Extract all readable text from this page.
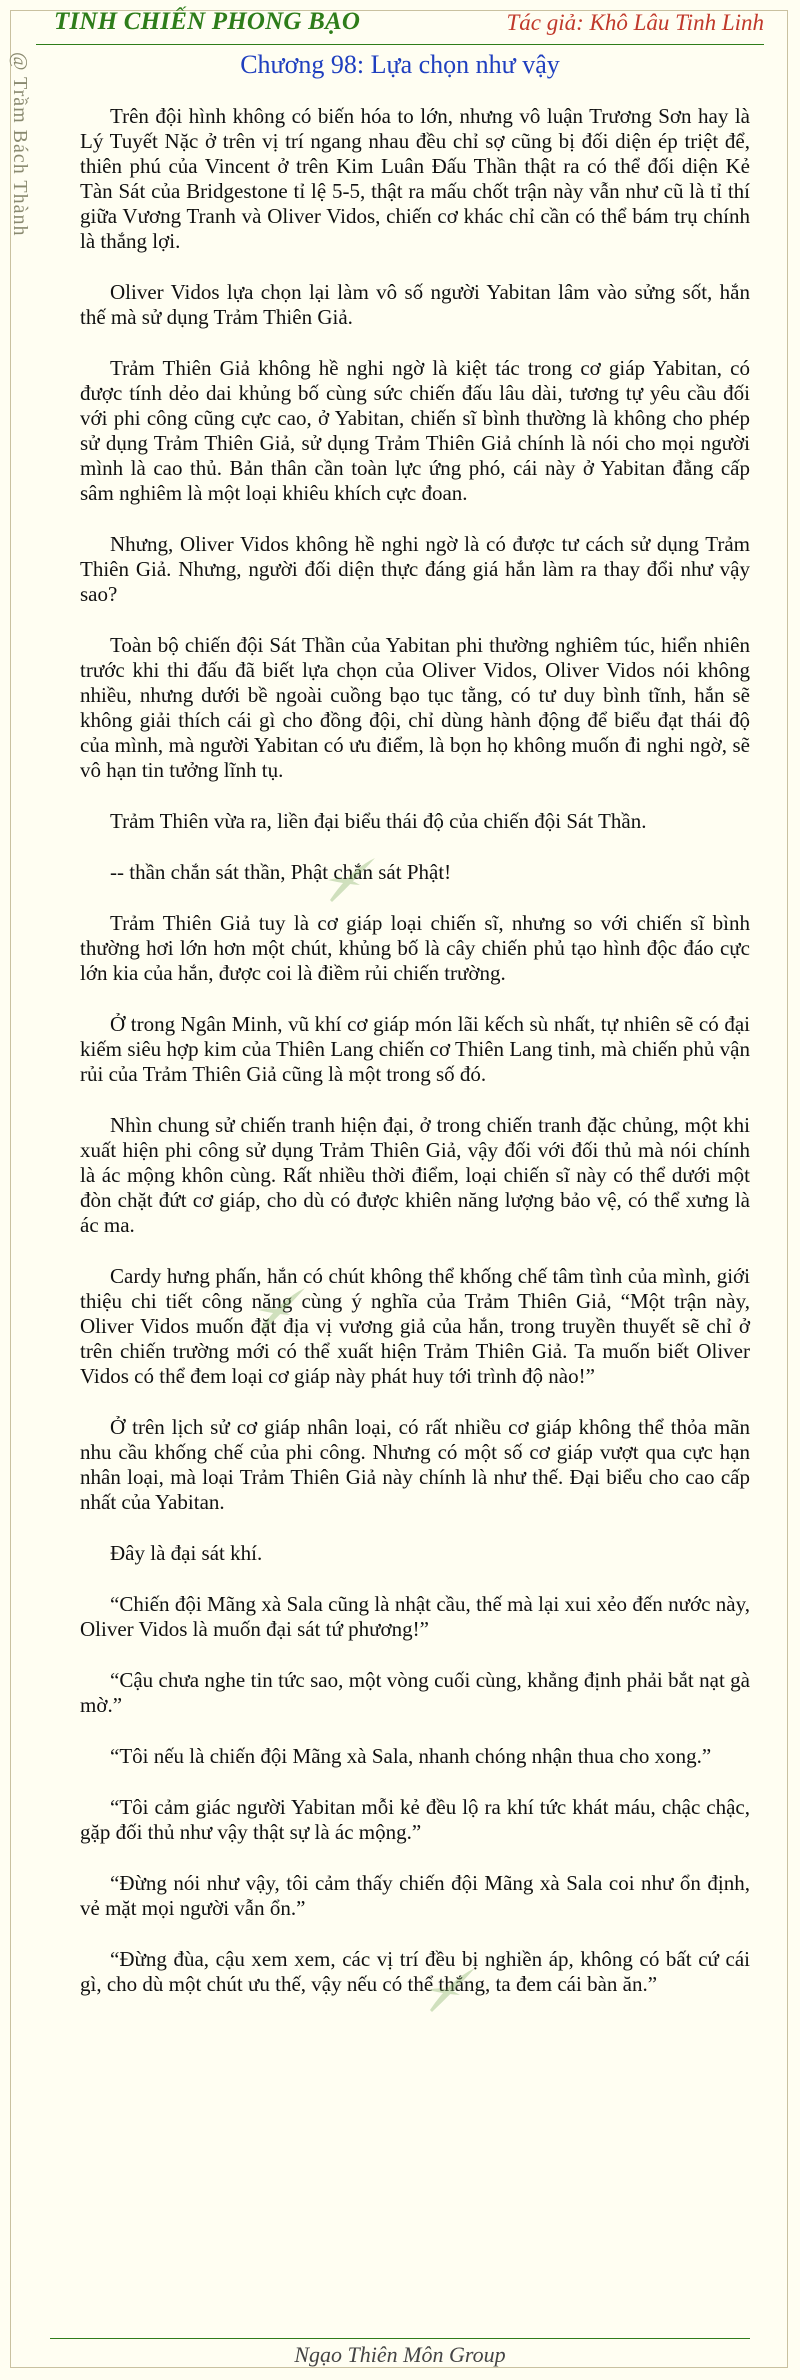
TINH CHIẾN PHONG BẠO	Tác giả: Khô Lâu Tinh Linh
@ Trầm Bách Thành	Chương 98: Lựa chọn như vậy

Trên đội hình không có biến hóa to lớn, nhưng vô luận Trương Sơn hay là Lý Tuyết Nặc ở trên vị trí ngang nhau đều chỉ sợ cũng bị đối diện ép triệt để, thiên phú của Vincent ở trên Kim Luân Đấu Thần thật ra có thể đối diện Kẻ Tàn Sát của Bridgestone tỉ lệ 5-5, thật ra mấu chốt trận này vẫn như cũ là tỉ thí giữa Vương Tranh và Oliver Vidos, chiến cơ khác chỉ cần có thể bám trụ chính là thắng lợi.

Oliver Vidos lựa chọn lại làm vô số người Yabitan lâm vào sửng sốt, hắn thế mà sử dụng Trảm Thiên Giả.

Trảm Thiên Giả không hề nghi ngờ là kiệt tác trong cơ giáp Yabitan, có được tính dẻo dai khủng bố cùng sức chiến đấu lâu dài, tương tự yêu cầu đối với phi công cũng cực cao, ở Yabitan, chiến sĩ bình thường là không cho phép sử dụng Trảm Thiên Giả, sử dụng Trảm Thiên Giả chính là nói cho mọi người mình là cao thủ. Bản thân cần toàn lực ứng phó, cái này ở Yabitan đẳng cấp sâm nghiêm là một loại khiêu khích cực đoan.

Nhưng, Oliver Vidos không hề nghi ngờ là có được tư cách sử dụng Trảm Thiên Giả. Nhưng, người đối diện thực đáng giá hắn làm ra thay đổi như vậy sao?

Toàn bộ chiến đội Sát Thần của Yabitan phi thường nghiêm túc, hiển nhiên trước khi thi đấu đã biết lựa chọn của Oliver Vidos, Oliver Vidos nói không nhiều, nhưng dưới bề ngoài cuồng bạo tục tằng, có tư duy bình tĩnh, hắn sẽ không giải thích cái gì cho đồng đội, chỉ dùng hành động để biểu đạt thái độ của mình, mà người Yabitan có ưu điểm, là bọn họ không muốn đi nghi ngờ, sẽ vô hạn tin tưởng lĩnh tụ.

Trảm Thiên vừa ra, liền đại biểu thái độ của chiến đội Sát Thần.

-- thần chắn sát thần, Phật chắn sát Phật!

Trảm Thiên Giả tuy là cơ giáp loại chiến sĩ, nhưng so với chiến sĩ bình thường hơi lớn hơn một chút, khủng bố là cây chiến phủ tạo hình độc đáo cực lớn kia của hắn, được coi là điềm rủi chiến trường.

Ở trong Ngân Minh, vũ khí cơ giáp món lãi kếch sù nhất, tự nhiên sẽ có đại kiếm siêu hợp kim của Thiên Lang chiến cơ Thiên Lang tinh, mà chiến phủ vận rủi của Trảm Thiên Giả cũng là một trong số đó.

Nhìn chung sử chiến tranh hiện đại, ở trong chiến tranh đặc chủng, một khi xuất hiện phi công sử dụng Trảm Thiên Giả, vậy đối với đối thủ mà nói chính là ác mộng khôn cùng. Rất nhiều thời điểm, loại chiến sĩ này có thể dưới một đòn chặt đứt cơ giáp, cho dù có được khiên năng lượng bảo vệ, có thể xưng là ác ma.

Cardy hưng phấn, hắn có chút không thể khống chế tâm tình của mình, giới thiệu chi tiết công năng cùng ý nghĩa của Trảm Thiên Giả, “Một trận này, Oliver Vidos muốn đặt địa vị vương giả của hắn, trong truyền thuyết sẽ chỉ ở trên chiến trường mới có thể xuất hiện Trảm Thiên Giả. Ta muốn biết Oliver Vidos có thể đem loại cơ giáp này phát huy tới trình độ nào!”

Ở trên lịch sử cơ giáp nhân loại, có rất nhiều cơ giáp không thể thỏa mãn nhu cầu khống chế của phi công. Nhưng có một số cơ giáp vượt qua cực hạn nhân loại, mà loại Trảm Thiên Giả này chính là như thế. Đại biểu cho cao cấp nhất của Yabitan.

Đây là đại sát khí.

“Chiến đội Mãng xà Sala cũng là nhật cầu, thế mà lại xui xẻo đến nước này, Oliver Vidos là muốn đại sát tứ phương!”

“Cậu chưa nghe tin tức sao, một vòng cuối cùng, khẳng định phải bắt nạt gà mờ.”

“Tôi nếu là chiến đội Mãng xà Sala, nhanh chóng nhận thua cho xong.”

“Tôi cảm giác người Yabitan mỗi kẻ đều lộ ra khí tức khát máu, chậc chậc, gặp đối thủ như vậy thật sự là ác mộng.”

“Đừng nói như vậy, tôi cảm thấy chiến đội Mãng xà Sala coi như ổn định, vẻ mặt mọi người vẫn ổn.”

“Đừng đùa, cậu xem xem, các vị trí đều bị nghiền áp, không có bất cứ cái gì, cho dù một chút ưu thế, vậy nếu có thể thắng, ta đem cái bàn ăn.”

Ngạo Thiên Môn Group
